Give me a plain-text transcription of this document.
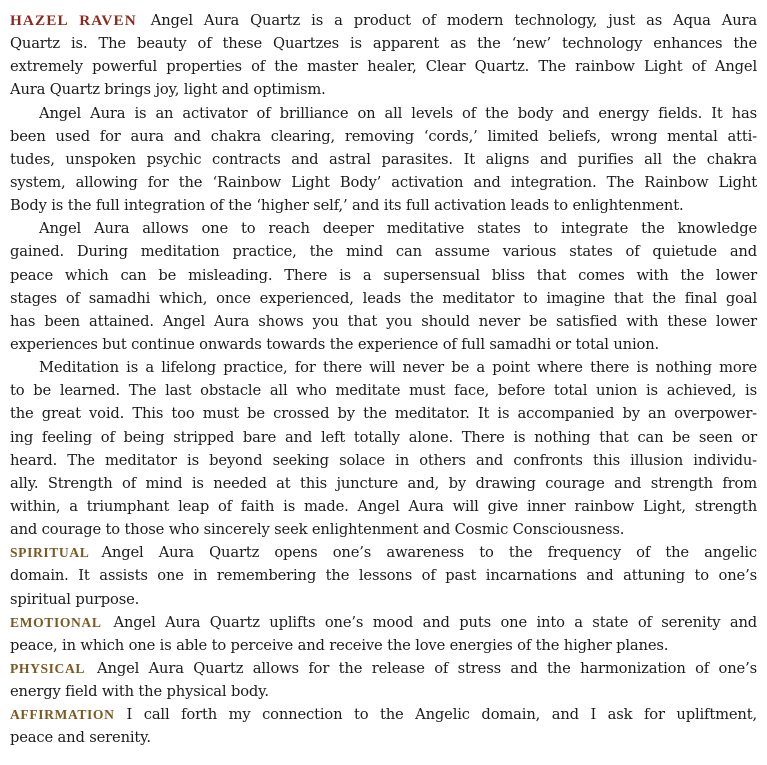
HAZEL RAVEN Angel Aura Quartz is a product of modern technology, just as Aqua Aura
Quartz is. The beauty of these Quartzes is apparent as the ‘new’ technology enhances the
extremely powerful properties of the master healer, Clear Quartz. The rainbow Light of Angel
Aura Quartz brings joy, light and optimism.
Angel Aura is an activator of brilliance on all levels of the body and energy fields. It has
been used for aura and chakra clearing, removing ‘cords,’ limited beliefs, wrong mental atti-
tudes, unspoken psychic contracts and astral parasites. It aligns and purifies all the chakra
system, allowing for the ‘Rainbow Light Body’ activation and integration. The Rainbow Light
Body is the full integration of the ‘higher self,’ and its full activation leads to enlightenment.
Angel Aura allows one to reach deeper meditative states to integrate the knowledge
gained. During meditation practice, the mind can assume various states of quietude and
peace which can be misleading. There is a supersensual bliss that comes with the lower
stages of samadhi which, once experienced, leads the meditator to imagine that the final goal
has been attained. Angel Aura shows you that you should never be satisfied with these lower
experiences but continue onwards towards the experience of full samadhi or total union.
Meditation is a lifelong practice, for there will never be a point where there is nothing more
to be learned. The last obstacle all who meditate must face, before total union is achieved, is
the great void. This too must be crossed by the meditator. It is accompanied by an overpower-
ing feeling of being stripped bare and left totally alone. There is nothing that can be seen or
heard. The meditator is beyond seeking solace in others and confronts this illusion individu-
ally. Strength of mind is needed at this juncture and, by drawing courage and strength from
within, a triumphant leap of faith is made. Angel Aura will give inner rainbow Light, strength
and courage to those who sincerely seek enlightenment and Cosmic Consciousness.
SPIRITUAL Angel Aura Quartz opens one’s awareness to the frequency of the angelic
domain. It assists one in remembering the lessons of past incarnations and attuning to one’s
spiritual purpose.
EMOTIONAL Angel Aura Quartz uplifts one’s mood and puts one into a state of serenity and
peace, in which one is able to perceive and receive the love energies of the higher planes.
PHYSICAL Angel Aura Quartz allows for the release of stress and the harmonization of one’s
energy field with the physical body.
AFFIRMATION I call forth my connection to the Angelic domain, and I ask for upliftment,
peace and serenity.
